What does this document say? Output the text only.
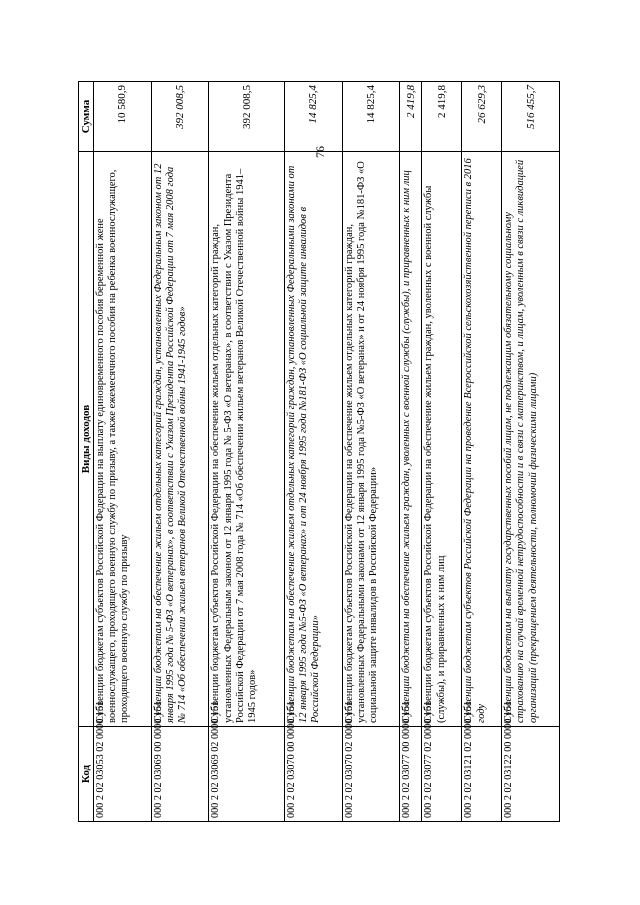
76
Код	Виды доходов	Сумма
000 2 02 03053 02 0000 151	Субвенции бюджетам субъектов Российской Федерации на выплату единовременного пособия беременной жене военнослужащего, проходящего военную службу по призыву, а также ежемесячного пособия на ребенка военнослужащего, проходящего военную службу по призыву	10 580,9
000 2 02 03069 00 0000 151	Субвенции бюджетам на обеспечение жильем отдельных категорий граждан, установленных Федеральным законом от 12 января 1995 года № 5-ФЗ «О ветеранах», в соответствии с Указом Президента Российской Федерации от 7 мая 2008 года № 714 «Об обеспечении жильем ветеранов Великой Отечественной войны 1941-1945 годов»	392 008,5
000 2 02 03069 02 0000 151	Субвенции бюджетам субъектов Российской Федерации на обеспечение жильем отдельных категорий граждан, установленных Федеральным законом от 12 января 1995 года № 5-ФЗ «О ветеранах», в соответствии с Указом Президента Российской Федерации от 7 мая 2008 года № 714 «Об обеспечении жильем ветеранов Великой Отечественной войны 1941–1945 годов»	392 008,5
000 2 02 03070 00 0000 151	Субвенции бюджетам на обеспечение жильем отдельных категорий граждан, установленных Федеральными законами от 12 января 1995 года №5-ФЗ «О ветеранах» и от 24 ноября 1995 года №181-ФЗ «О социальной защите инвалидов в Российской Федерации»	14 825,4
000 2 02 03070 02 0000 151	Субвенции бюджетам субъектов Российской Федерации на обеспечение жильем отдельных категорий граждан, установленных Федеральными законами от 12 января 1995 года №5-ФЗ «О ветеранах» и от 24 ноября 1995 года №181-ФЗ «О социальной защите инвалидов в Российской Федерации»	14 825,4
000 2 02 03077 00 0000 151	Субвенции бюджетам на обеспечение жильем граждан, уволенных с военной службы (службы), и приравненных к ним лиц	2 419,8
000 2 02 03077 02 0000 151	Субвенции бюджетам субъектов Российской Федерации на обеспечение жильем граждан, уволенных с военной службы (службы), и приравненных к ним лиц	2 419,8
000 2 02 03121 02 0000 151	Субвенции бюджетам субъектов Российской Федерации на проведение Всероссийской сельскохозяйственной переписи в 2016 году	26 629,3
000 2 02 03122 00 0000 151	Субвенции бюджетам на выплату государственных пособий лицам, не подлежащим обязательному социальному страхованию на случай временной нетрудоспособности и в связи с материнством, и лицам, уволенным в связи с ликвидацией организаций (прекращением деятельности, полномочий физическими лицами)	516 455,7
